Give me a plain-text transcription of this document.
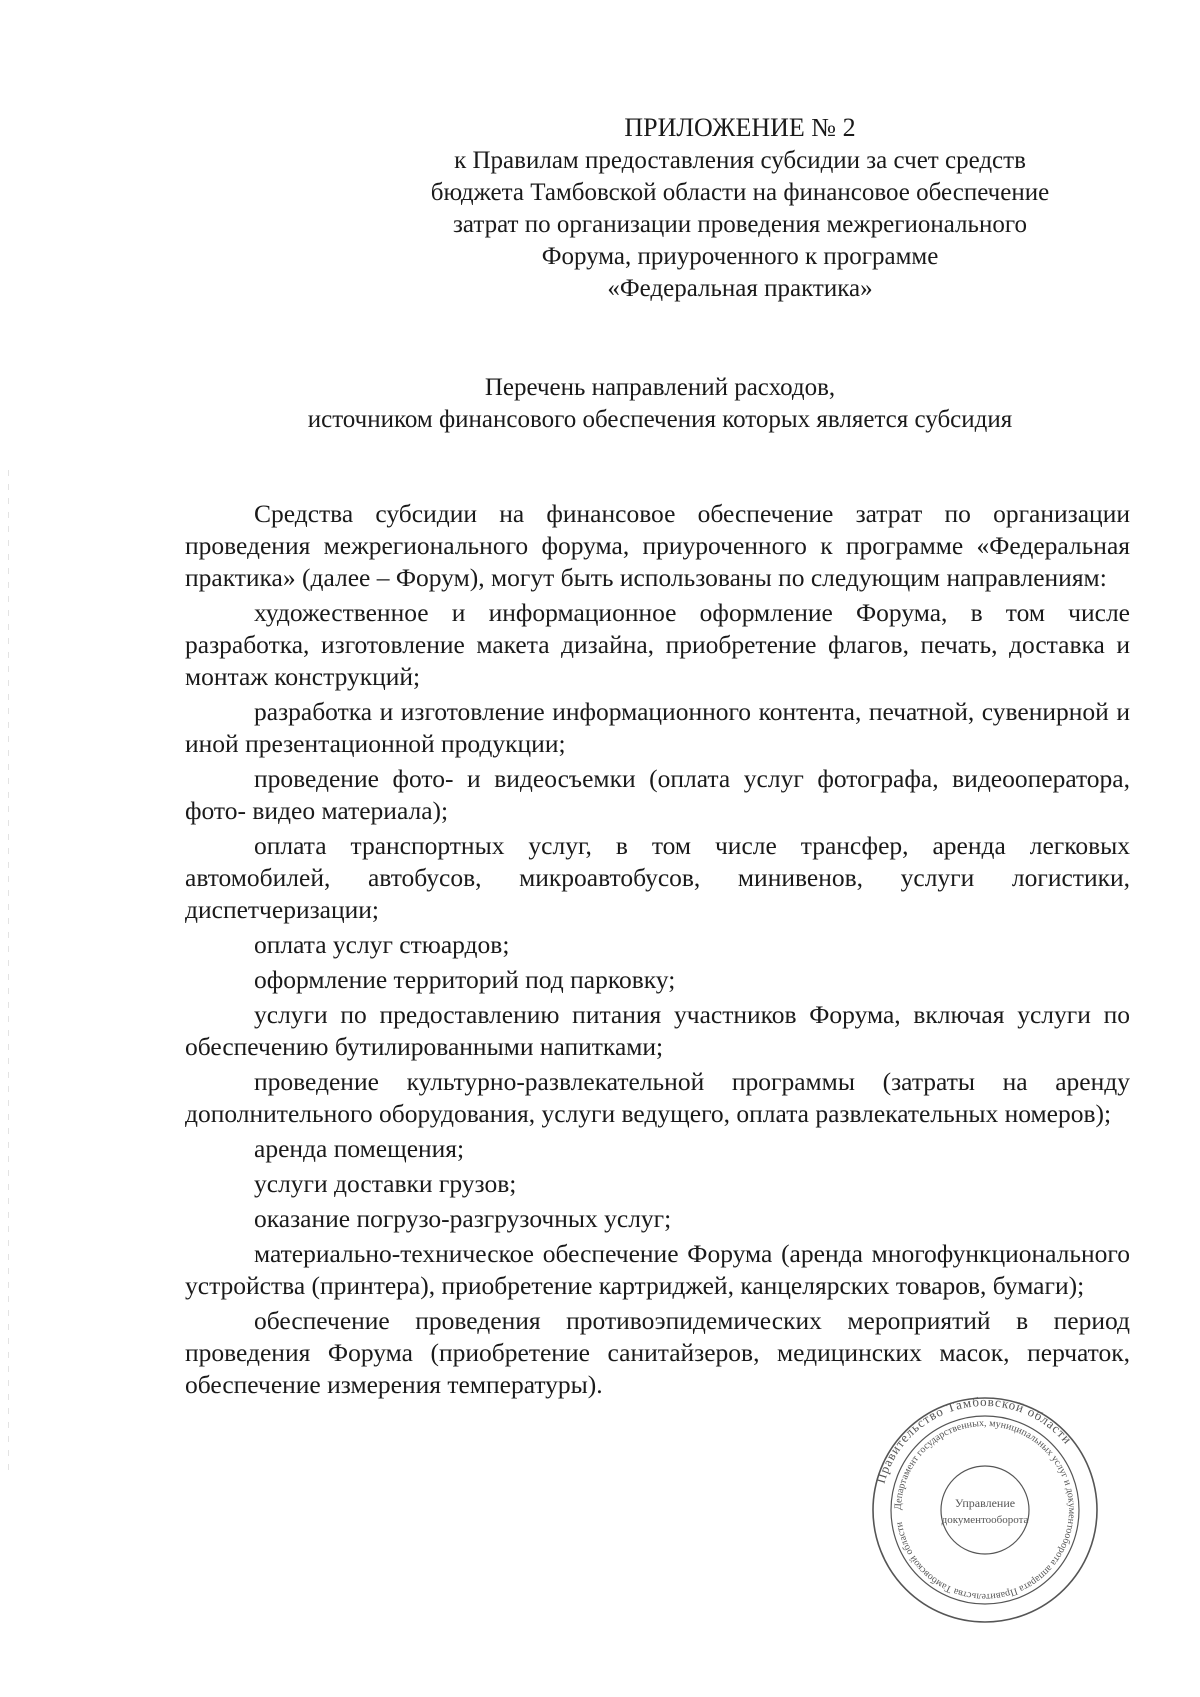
ПРИЛОЖЕНИЕ № 2
к Правилам предоставления субсидии за счет средств
бюджета Тамбовской области на финансовое обеспечение
затрат по организации проведения межрегионального
Форума, приуроченного к программе
«Федеральная практика»
Перечень направлений расходов,
источником финансового обеспечения которых является субсидия

Средства субсидии на финансовое обеспечение затрат по организации проведения межрегионального форума, приуроченного к программе «Федеральная практика» (далее – Форум), могут быть использованы по следующим направлениям:

художественное и информационное оформление Форума, в том числе разработка, изготовление макета дизайна, приобретение флагов, печать, доставка и монтаж конструкций;
разработка и изготовление информационного контента, печатной, сувенирной и иной презентационной продукции;
проведение фото- и видеосъемки (оплата услуг фотографа, видеооператора, фото- видео материала);
оплата транспортных услуг, в том числе трансфер, аренда легковых автомобилей, автобусов, микроавтобусов, минивенов, услуги логистики, диспетчеризации;
оплата услуг стюардов;
оформление территорий под парковку;
услуги по предоставлению питания участников Форума, включая услуги по обеспечению бутилированными напитками;
проведение культурно-развлекательной программы (затраты на аренду дополнительного оборудования, услуги ведущего, оплата развлекательных номеров);
аренда помещения;
услуги доставки грузов;
оказание погрузо-разгрузочных услуг;
материально-техническое обеспечение Форума (аренда многофункционального устройства (принтера), приобретение картриджей, канцелярских товаров, бумаги);
обеспечение проведения противоэпидемических мероприятий в период проведения Форума (приобретение санитайзеров, медицинских масок, перчаток, обеспечение измерения температуры).
Правительство Тамбовской области
Департамент государственных, муниципальных услуг и документооборота аппарата Правительства Тамбовской области
Управление
документооборота
